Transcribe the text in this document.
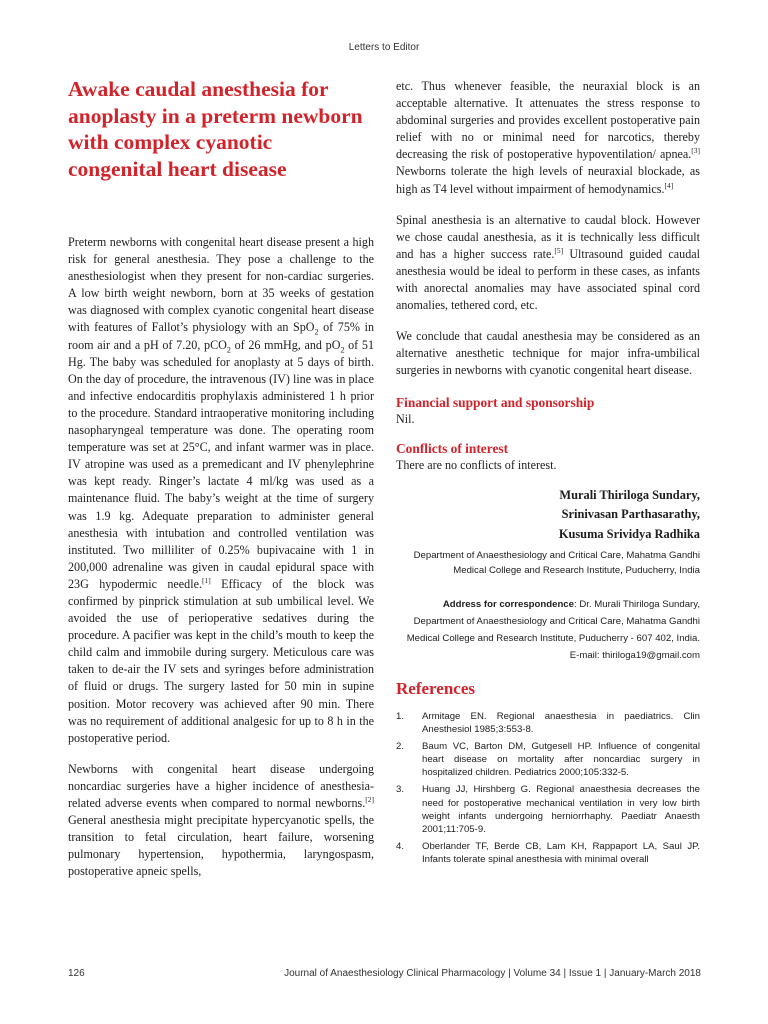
Letters to Editor
Awake caudal anesthesia for anoplasty in a preterm newborn with complex cyanotic congenital heart disease

Preterm newborns with congenital heart disease present a high risk for general anesthesia. They pose a challenge to the anesthesiologist when they present for non-cardiac surgeries. A low birth weight newborn, born at 35 weeks of gestation was diagnosed with complex cyanotic congenital heart disease with features of Fallot’s physiology with an SpO$_2$ of 75% in room air and a pH of 7.20, pCO$_2$ of 26 mmHg, and $pO_2$ of 51 Hg. The baby was scheduled for anoplasty at 5 days of birth. On the day of procedure, the intravenous (IV) line was in place and infective endocarditis prophylaxis administered 1 h prior to the procedure. Standard intraoperative monitoring including nasopharyngeal temperature was done. The operating room temperature was set at 25°C, and infant warmer was in place. IV atropine was used as a premedicant and IV phenylephrine was kept ready. Ringer’s lactate 4 ml/kg was used as a maintenance fluid. The baby’s weight at the time of surgery was 1.9 kg. Adequate preparation to administer general anesthesia with intubation and controlled ventilation was instituted. Two milliliter of 0.25% bupivacaine with 1 in 200,000 adrenaline was given in caudal epidural space with 23G hypodermic needle.[1] Efficacy of the block was confirmed by pinprick stimulation at sub umbilical level. We avoided the use of perioperative sedatives during the procedure. A pacifier was kept in the child’s mouth to keep the child calm and immobile during surgery. Meticulous care was taken to de-air the IV sets and syringes before administration of fluid or drugs. The surgery lasted for 50 min in supine position. Motor recovery was achieved after 90 min. There was no requirement of additional analgesic for up to 8 h in the postoperative period.

Newborns with congenital heart disease undergoing noncardiac surgeries have a higher incidence of anesthesia-related adverse events when compared to normal newborns.[2] General anesthesia might precipitate hypercyanotic spells, the transition to fetal circulation, heart failure, worsening pulmonary hypertension, hypothermia, laryngospasm, postoperative apneic spells,

etc. Thus whenever feasible, the neuraxial block is an acceptable alternative. It attenuates the stress response to abdominal surgeries and provides excellent postoperative pain relief with no or minimal need for narcotics, thereby decreasing the risk of postoperative hypoventilation/ apnea.[3] Newborns tolerate the high levels of neuraxial blockade, as high as T4 level without impairment of hemodynamics.[4]

Spinal anesthesia is an alternative to caudal block. However we chose caudal anesthesia, as it is technically less difficult and has a higher success rate.[5] Ultrasound guided caudal anesthesia would be ideal to perform in these cases, as infants with anorectal anomalies may have associated spinal cord anomalies, tethered cord, etc.

We conclude that caudal anesthesia may be considered as an alternative anesthetic technique for major infra-umbilical surgeries in newborns with cyanotic congenital heart disease.

Financial support and sponsorship

Nil.

Conflicts of interest

There are no conflicts of interest.

Murali Thiriloga Sundary,
Srinivasan Parthasarathy,
Kusuma Srividya Radhika
Department of Anaesthesiology and Critical Care, Mahatma Gandhi
Medical College and Research Institute, Puducherry, India
Address for correspondence: Dr. Murali Thiriloga Sundary,
Department of Anaesthesiology and Critical Care, Mahatma Gandhi
Medical College and Research Institute, Puducherry - 607 402, India.
E-mail: thiriloga19@gmail.com
References
1. Armitage EN. Regional anaesthesia in paediatrics. Clin Anesthesiol 1985;3:553-8.
2. Baum VC, Barton DM, Gutgesell HP. Influence of congenital heart disease on mortality after noncardiac surgery in hospitalized children. Pediatrics 2000;105:332-5.
3. Huang JJ, Hirshberg G. Regional anaesthesia decreases the need for postoperative mechanical ventilation in very low birth weight infants undergoing herniorrhaphy. Paediatr Anaesth 2001;11:705-9.
4. Oberlander TF, Berde CB, Lam KH, Rappaport LA, Saul JP. Infants tolerate spinal anesthesia with minimal overall
126	Journal of Anaesthesiology Clinical Pharmacology | Volume 34 | Issue 1 | January-March 2018
